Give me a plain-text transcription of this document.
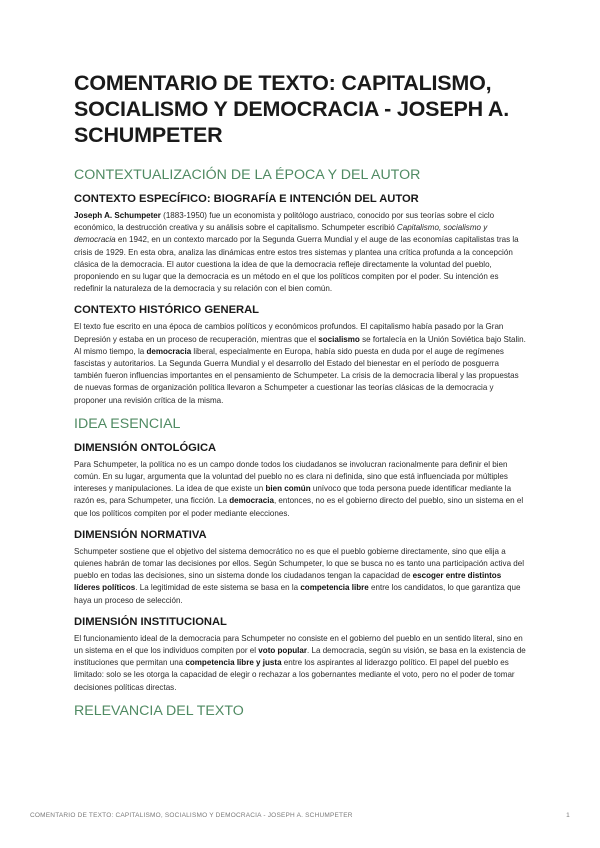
COMENTARIO DE TEXTO: CAPITALISMO, SOCIALISMO Y DEMOCRACIA - JOSEPH A. SCHUMPETER
CONTEXTUALIZACIÓN DE LA ÉPOCA Y DEL AUTOR
CONTEXTO ESPECÍFICO: BIOGRAFÍA E INTENCIÓN DEL AUTOR

Joseph A. Schumpeter (1883-1950) fue un economista y politólogo austriaco, conocido por sus teorías sobre el ciclo económico, la destrucción creativa y su análisis sobre el capitalismo. Schumpeter escribió Capitalismo, socialismo y democracia en 1942, en un contexto marcado por la Segunda Guerra Mundial y el auge de las economías capitalistas tras la crisis de 1929. En esta obra, analiza las dinámicas entre estos tres sistemas y plantea una crítica profunda a la concepción clásica de la democracia. El autor cuestiona la idea de que la democracia refleje directamente la voluntad del pueblo, proponiendo en su lugar que la democracia es un método en el que los políticos compiten por el poder. Su intención es redefinir la naturaleza de la democracia y su relación con el bien común.

CONTEXTO HISTÓRICO GENERAL

El texto fue escrito en una época de cambios políticos y económicos profundos. El capitalismo había pasado por la Gran Depresión y estaba en un proceso de recuperación, mientras que el socialismo se fortalecía en la Unión Soviética bajo Stalin. Al mismo tiempo, la democracia liberal, especialmente en Europa, había sido puesta en duda por el auge de regímenes fascistas y autoritarios. La Segunda Guerra Mundial y el desarrollo del Estado del bienestar en el período de posguerra también fueron influencias importantes en el pensamiento de Schumpeter. La crisis de la democracia liberal y las propuestas de nuevas formas de organización política llevaron a Schumpeter a cuestionar las teorías clásicas de la democracia y proponer una revisión crítica de la misma.

IDEA ESENCIAL
DIMENSIÓN ONTOLÓGICA

Para Schumpeter, la política no es un campo donde todos los ciudadanos se involucran racionalmente para definir el bien común. En su lugar, argumenta que la voluntad del pueblo no es clara ni definida, sino que está influenciada por múltiples intereses y manipulaciones. La idea de que existe un bien común unívoco que toda persona puede identificar mediante la razón es, para Schumpeter, una ficción. La democracia, entonces, no es el gobierno directo del pueblo, sino un sistema en el que los políticos compiten por el poder mediante elecciones.

DIMENSIÓN NORMATIVA

Schumpeter sostiene que el objetivo del sistema democrático no es que el pueblo gobierne directamente, sino que elija a quienes habrán de tomar las decisiones por ellos. Según Schumpeter, lo que se busca no es tanto una participación activa del pueblo en todas las decisiones, sino un sistema donde los ciudadanos tengan la capacidad de escoger entre distintos líderes políticos. La legitimidad de este sistema se basa en la competencia libre entre los candidatos, lo que garantiza que haya un proceso de selección.

DIMENSIÓN INSTITUCIONAL

El funcionamiento ideal de la democracia para Schumpeter no consiste en el gobierno del pueblo en un sentido literal, sino en un sistema en el que los individuos compiten por el voto popular. La democracia, según su visión, se basa en la existencia de instituciones que permitan una competencia libre y justa entre los aspirantes al liderazgo político. El papel del pueblo es limitado: solo se les otorga la capacidad de elegir o rechazar a los gobernantes mediante el voto, pero no el poder de tomar decisiones políticas directas.

RELEVANCIA DEL TEXTO
COMENTARIO DE TEXTO: CAPITALISMO, SOCIALISMO Y DEMOCRACIA - JOSEPH A. SCHUMPETER	1
